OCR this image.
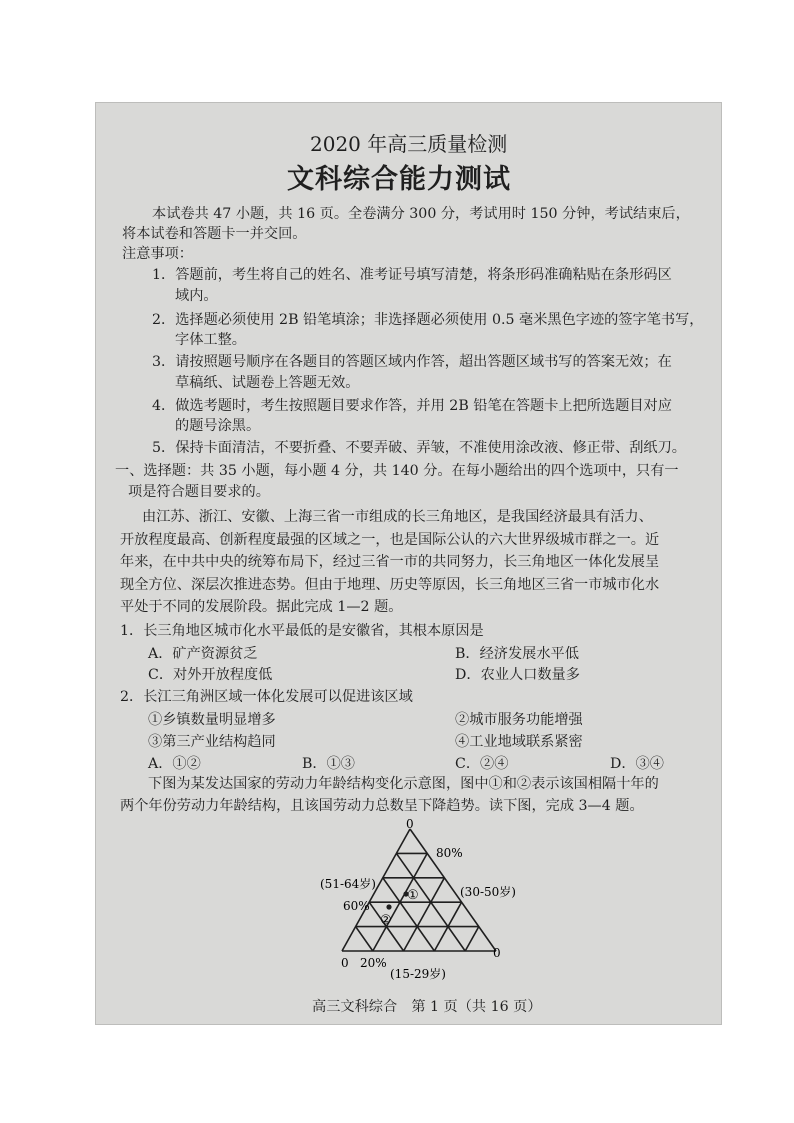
2020 年高三质量检测
文科综合能力测试
本试卷共 47 小题，共 16 页。全卷满分 300 分，考试用时 150 分钟，考试结束后，
将本试卷和答题卡一并交回。
注意事项：
1．答题前，考生将自己的姓名、准考证号填写清楚，将条形码准确粘贴在条形码区
域内。
2．选择题必须使用 2B 铅笔填涂；非选择题必须使用 0.5 毫米黑色字迹的签字笔书写，
字体工整。
3．请按照题号顺序在各题目的答题区域内作答，超出答题区域书写的答案无效；在
草稿纸、试题卷上答题无效。
4．做选考题时，考生按照题目要求作答，并用 2B 铅笔在答题卡上把所选题目对应
的题号涂黑。
5．保持卡面清洁，不要折叠、不要弄破、弄皱，不准使用涂改液、修正带、刮纸刀。
一、选择题：共 35 小题，每小题 4 分，共 140 分。在每小题给出的四个选项中，只有一
项是符合题目要求的。
由江苏、浙江、安徽、上海三省一市组成的长三角地区，是我国经济最具有活力、
开放程度最高、创新程度最强的区域之一，也是国际公认的六大世界级城市群之一。近
年来，在中共中央的统筹布局下，经过三省一市的共同努力，长三角地区一体化发展呈
现全方位、深层次推进态势。但由于地理、历史等原因，长三角地区三省一市城市化水
平处于不同的发展阶段。据此完成 1—2 题。
1．长三角地区城市化水平最低的是安徽省，其根本原因是
A．矿产资源贫乏	B．经济发展水平低
C．对外开放程度低	D．农业人口数量多
2．长江三角洲区域一体化发展可以促进该区域
①乡镇数量明显增多	②城市服务功能增强
③第三产业结构趋同	④工业地域联系紧密
A．①②	B．①③	C．②④	D．③④
下图为某发达国家的劳动力年龄结构变化示意图，图中①和②表示该国相隔十年的
两个年份劳动力年龄结构，且该国劳动力总数呈下降趋势。读下图，完成 3—4 题。
0
80%
(51-64岁)
(30-50岁)
60%
①
②
0 20%
0
(15-29岁)
高三文科综合　第 1 页（共 16 页）
